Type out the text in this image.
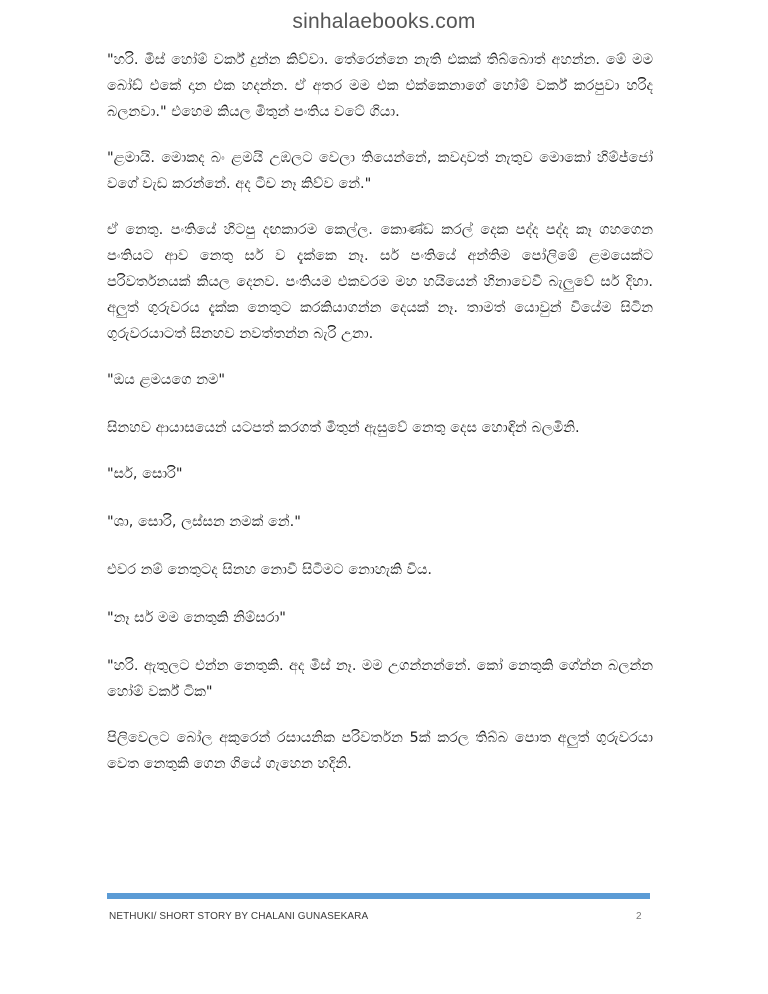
sinhalaebooks.com

"හරි. මිස් හෝම් වර්ක් දුන්න කිව්වා. තේරෙන්නෙ නැති එකක් තිබ්බොත් අහන්න. මේ මම බෝඩ් එකේ දාන එක හදන්න. ඒ අතර මම එක එක්කෙනාගේ හෝම් වර්ක් කරපුවා හරිද බලනවා." එහෙම කියල මිතුන් පංතිය වටේ ගියා.

"ළමායි. මොකද බං ළමයි උඹලට වෙලා තියෙන්නේ, කවදාවත් නැතුව මොකෝ හිම්ජ්ජෝ වගේ වැඩ කරන්නේ. අද ටීච නෑ කිව්ව නේ."

ඒ නෙතු. පංතියේ හිටපු දඟකාරම කෙල්ල. කොණ්ඩ කරල් දෙක පද්ද පද්ද කෑ ගහගෙන පංතියට ආව නෙතු සර් ව දැක්කෙ නෑ. සර් පංතියේ අන්තිම පෝලිමේ ළමයෙක්ට පරිවර්තනයක් කියල දෙනව. පංතියම එකවරම මහ හයියෙන් හිනාවෙවී බැලුවේ සර් දිහා. අලුත් ගුරුවරය දැක්ක නෙතුට කරකියාගන්න දෙයක් නෑ. තාමත් යොවුන් වියේම සිටින ගුරුවරයාටත් සිනහව නවත්තන්න බැරි උනා.

"ඔය ළමයගෙ නම"

සිනහව ආයාසයෙන් යටපත් කරගත් මිතුන් ඇසුවේ නෙතු දෙස හොඳින් බලමිනි.

"සර්, සොරි"

"ශා, සොරි, ලස්සන නමක් නේ."

එවර නම් නෙතුටද සිනහ නොවී සිටීමට නොහැකි විය.

"නෑ සර් මම නෙතුකි නිම්සරා"

"හරි. ඇතුලට එන්න නෙතුකි. අද මිස් නෑ. මම උගන්නන්නේ. කෝ නෙතුකි ගේන්න බලන්න හෝම් වර්ක් ටික"

පිලිවෙලට බෝල අකුරෙන් රසායනික පරිවර්තන 5ක් කරල තිබ්බ පොත අලුත් ගුරුවරයා වෙත නෙතුකි ගෙන ගියේ ගැහෙන හදිනි.

NETHUKI/ SHORT STORY BY CHALANI GUNASEKARA	2
